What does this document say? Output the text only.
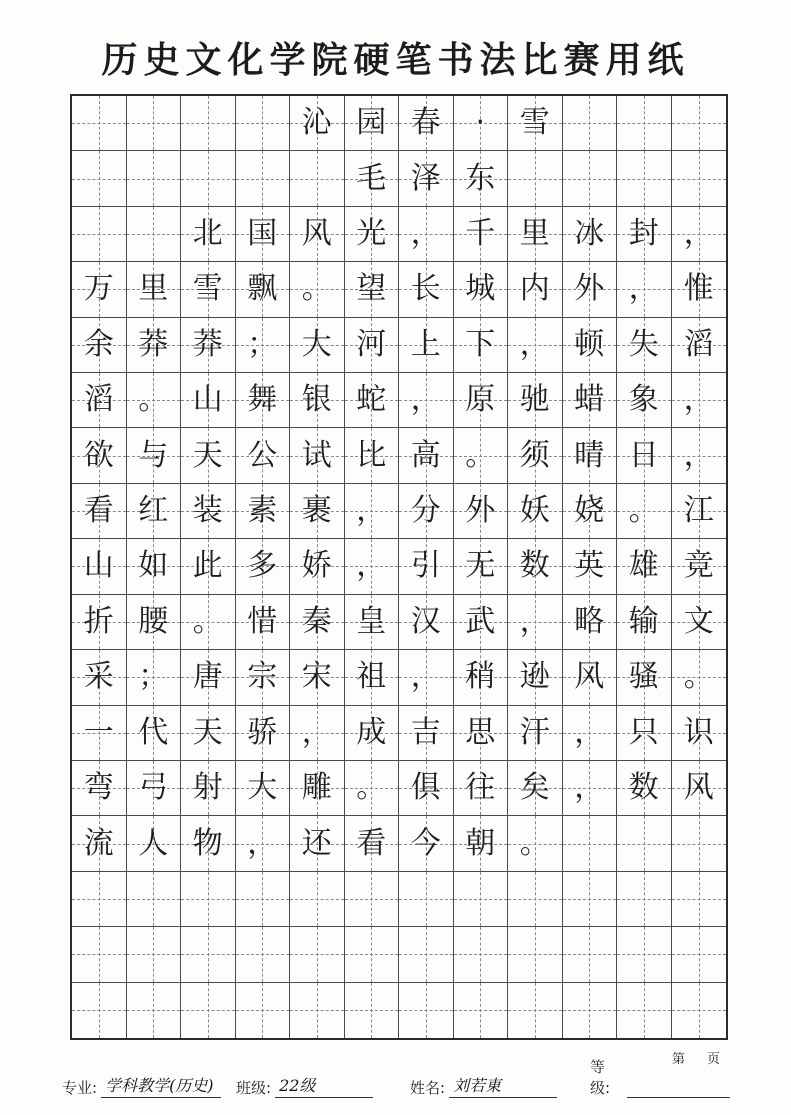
历史文化学院硬笔书法比赛用纸
沁 园 春 · 雪
毛 泽 东
北 国 风 光 ， 千 里 冰 封 ，
万 里 雪 飘 。 望 长 城 内 外 ， 惟
余 莽 莽 ； 大 河 上 下 ， 顿 失 滔
滔 。 山 舞 银 蛇 ， 原 驰 蜡 象 ，
欲 与 天 公 试 比 高 。 须 晴 日 ，
看 红 装 素 裹 ， 分 外 妖 娆 。 江
山 如 此 多 娇 ， 引 无 数 英 雄 竞
折 腰 。 惜 秦 皇 汉 武 ， 略 输 文
采 ； 唐 宗 宋 祖 ， 稍 逊 风 骚 。
一 代 天 骄 ， 成 吉 思 汗 ， 只 识
弯 弓 射 大 雕 。 俱 往 矣 ， 数 风
流 人 物 ， 还 看 今 朝 。
第 页
专业: 学科教学(历史)	班级: 22级	姓名: 刘若東
等级:
